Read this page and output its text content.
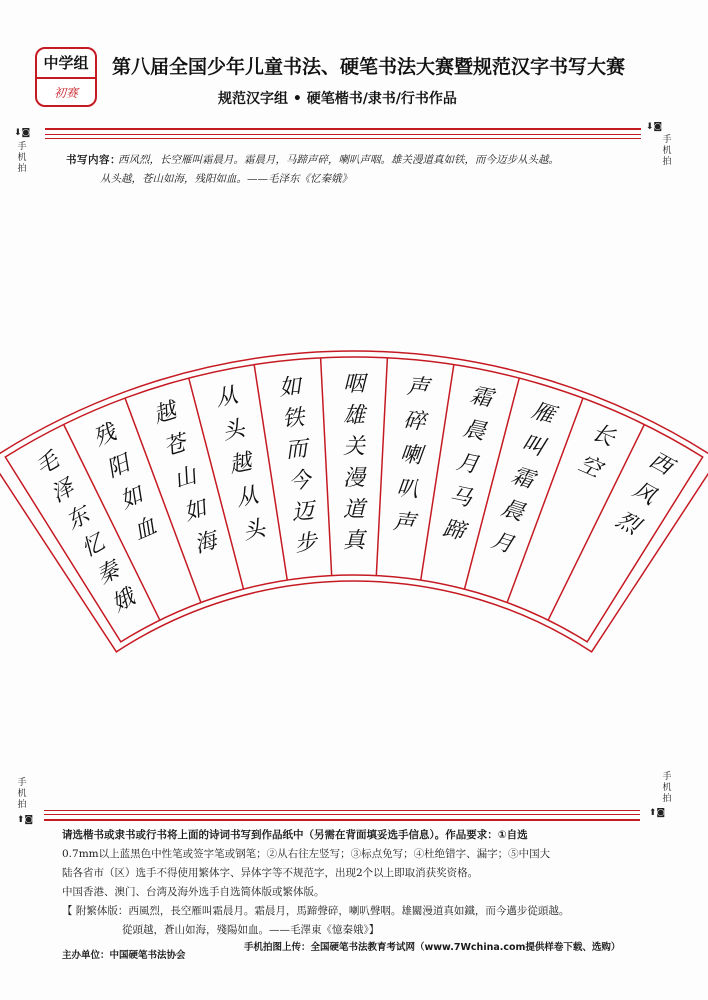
中学组
初赛
第八届全国少年儿童书法、硬笔书法大赛暨规范汉字书写大赛
规范汉字组 • 硬笔楷书/隶书/行书作品
⬇◙
手机拍
⬇◙
手机拍
书写内容：
西风烈，长空雁叫霜晨月。霜晨月，马蹄声碎，喇叭声咽。雄关漫道真如铁，而今迈步从头越。
从头越，苍山如海，残阳如血。——毛泽东《忆秦娥》
西
风
烈
长
空
雁
叫
霜
晨
月
霜
晨
月
马
蹄
声
碎
喇
叭
声
咽
雄
关
漫
道
真
如
铁
而
今
迈
步
从
头
越
从
头
越
苍
山
如
海
残
阳
如
血
毛
泽
东
忆
秦
娥
手机拍
⬆◙
手机拍
⬆◙
请选楷书或隶书或行书将上面的诗词书写到作品纸中（另需在背面填妥选手信息）。作品要求：①自选
0.7mm以上蓝黑色中性笔或签字笔或钢笔；②从右往左竖写；③标点免写；④杜绝错字、漏字；⑤中国大
陆各省市（区）选手不得使用繁体字、异体字等不规范字，出现2个以上即取消获奖资格。
中国香港、澳门、台湾及海外选手自选简体版或繁体版。
【 附繁体版：西風烈，長空雁叫霜晨月。霜晨月，馬蹄聲碎，喇叭聲咽。雄關漫道真如鐵，而今邁步從頭越。
從頭越，蒼山如海，殘陽如血。——毛澤東《憶秦娥》】
主办单位：中国硬笔书法协会
手机拍图上传：全国硬笔书法教育考试网（www.7Wchina.com提供样卷下载、选购）
